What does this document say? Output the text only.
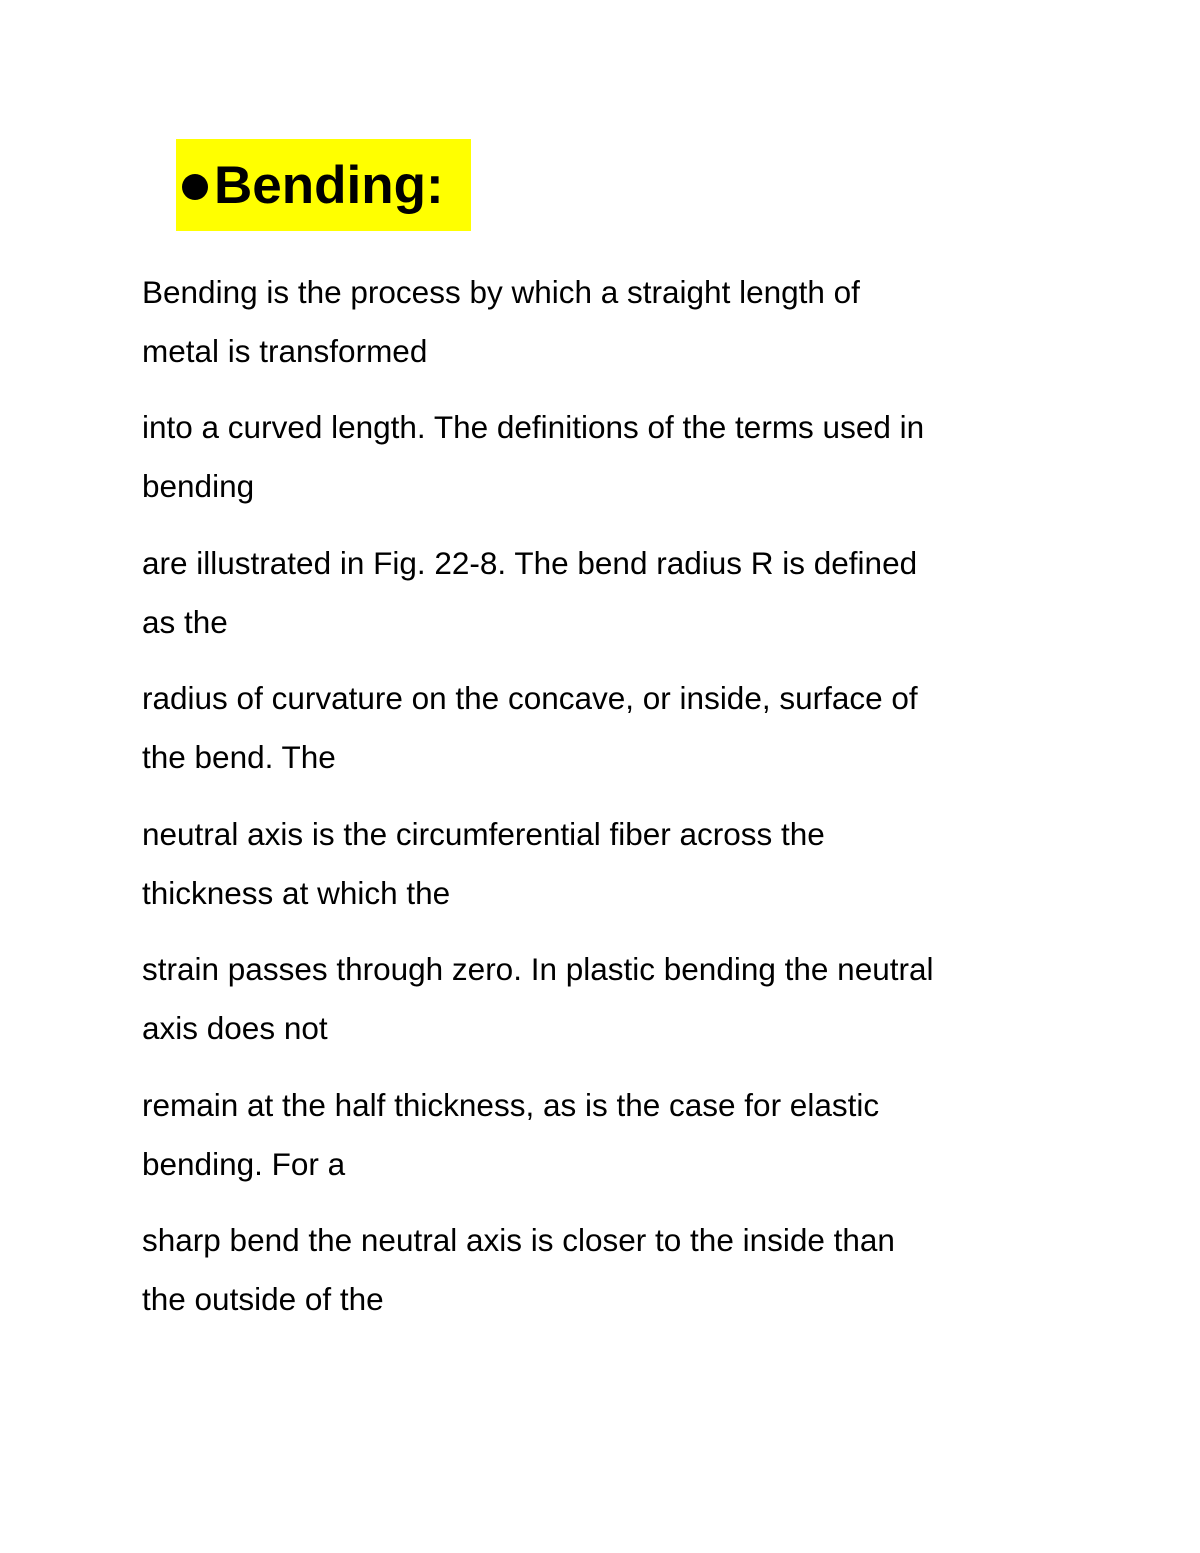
Bending:

Bending is the process by which a straight length of
metal is transformed

into a curved length. The definitions of the terms used in
bending

are illustrated in Fig. 22-8. The bend radius R is defined
as the

radius of curvature on the concave, or inside, surface of
the bend. The

neutral axis is the circumferential fiber across the
thickness at which the

strain passes through zero. In plastic bending the neutral
axis does not

remain at the half thickness, as is the case for elastic
bending. For a

sharp bend the neutral axis is closer to the inside than
the outside of the
